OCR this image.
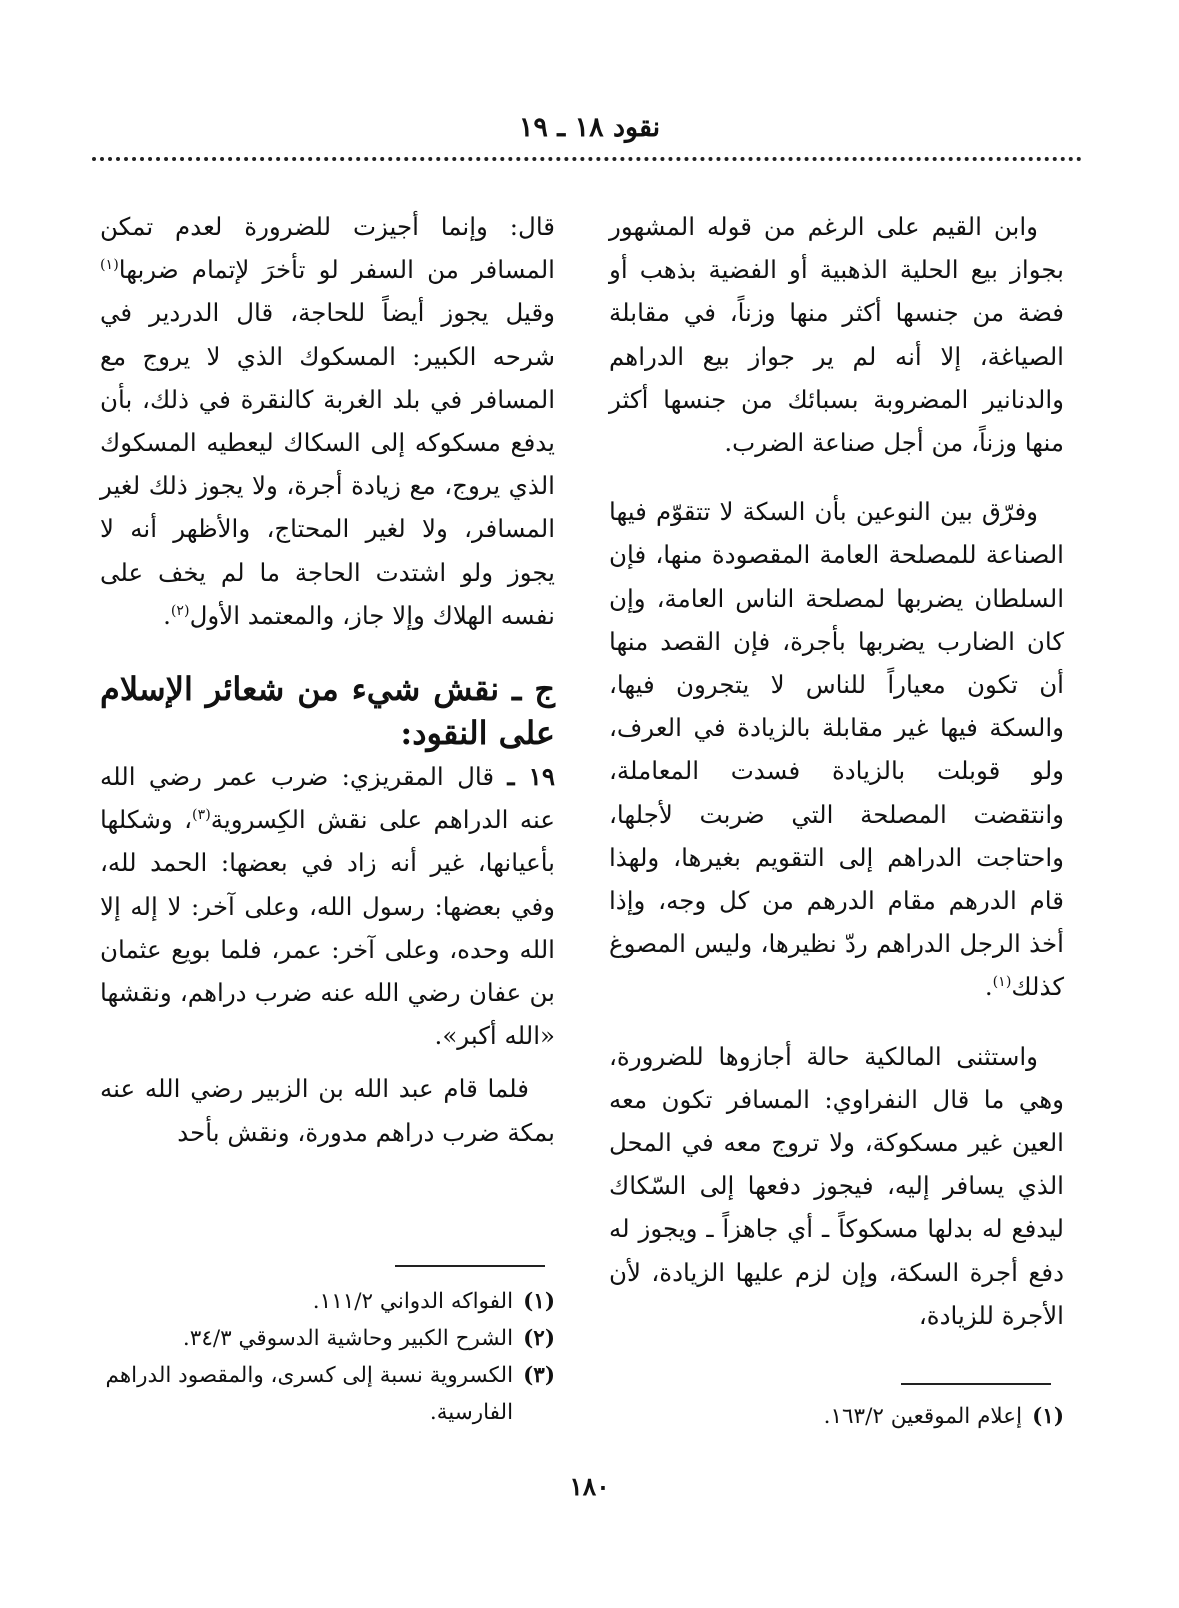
نقود ١٨ ـ ١٩

وابن القيم على الرغم من قوله المشهور بجواز بيع الحلية الذهبية أو الفضية بذهب أو فضة من جنسها أكثر منها وزناً، في مقابلة الصياغة، إلا أنه لم ير جواز بيع الدراهم والدنانير المضروبة بسبائك من جنسها أكثر منها وزناً، من أجل صناعة الضرب.

وفرّق بين النوعين بأن السكة لا تتقوّم فيها الصناعة للمصلحة العامة المقصودة منها، فإن السلطان يضربها لمصلحة الناس العامة، وإن كان الضارب يضربها بأجرة، فإن القصد منها أن تكون معياراً للناس لا يتجرون فيها، والسكة فيها غير مقابلة بالزيادة في العرف، ولو قوبلت بالزيادة فسدت المعاملة، وانتقضت المصلحة التي ضربت لأجلها، واحتاجت الدراهم إلى التقويم بغيرها، ولهذا قام الدرهم مقام الدرهم من كل وجه، وإذا أخذ الرجل الدراهم ردّ نظيرها، وليس المصوغ كذلك$^{(١)}$.

واستثنى المالكية حالة أجازوها للضرورة، وهي ما قال النفراوي: المسافر تكون معه العين غير مسكوكة، ولا تروج معه في المحل الذي يسافر إليه، فيجوز دفعها إلى السّكاك ليدفع له بدلها مسكوكاً ـ أي جاهزاً ـ ويجوز له دفع أجرة السكة، وإن لزم عليها الزيادة، لأن الأجرة للزيادة،

(١)
إعلام الموقعين ١٦٣/٢.

قال: وإنما أجيزت للضرورة لعدم تمكن المسافر من السفر لو تأخرَ لإتمام ضربها$^{(١)}$ وقيل يجوز أيضاً للحاجة، قال الدردير في شرحه الكبير: المسكوك الذي لا يروج مع المسافر في بلد الغربة كالنقرة في ذلك، بأن يدفع مسكوكه إلى السكاك ليعطيه المسكوك الذي يروج، مع زيادة أجرة، ولا يجوز ذلك لغير المسافر، ولا لغير المحتاج، والأظهر أنه لا يجوز ولو اشتدت الحاجة ما لم يخف على نفسه الهلاك وإلا جاز، والمعتمد الأول$^{(٢)}$.

ج ـ نقش شيء من شعائر الإسلام على النقود:

١٩ ـ قال المقريزي: ضرب عمر رضي الله عنه الدراهم على نقش الكِسروية$^{(٣)}$، وشكلها بأعيانها، غير أنه زاد في بعضها: الحمد لله، وفي بعضها: رسول الله، وعلى آخر: لا إله إلا الله وحده، وعلى آخر: عمر، فلما بويع عثمان بن عفان رضي الله عنه ضرب دراهم، ونقشها «الله أكبر».

فلما قام عبد الله بن الزبير رضي الله عنه بمكة ضرب دراهم مدورة، ونقش بأحد

(١)
الفواكه الدواني ١١١/٢.
(٢)
الشرح الكبير وحاشية الدسوقي ٣٤/٣.
(٣)
الكسروية نسبة إلى كسرى، والمقصود الدراهم الفارسية.
١٨٠
